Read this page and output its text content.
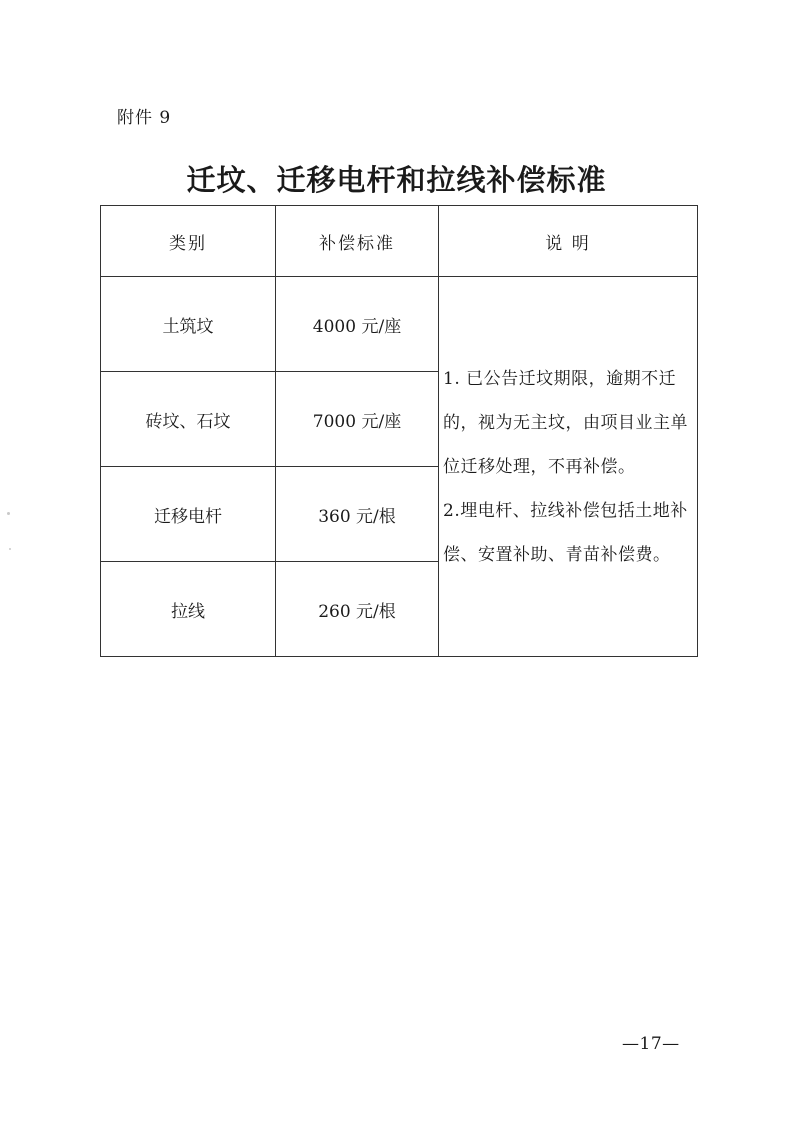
附件 9
迁坟、迁移电杆和拉线补偿标准
类别	补偿标准	说 明
土筑坟	4000 元/座	1. 已公告迁坟期限，逾期不迁
的，视为无主坟，由项目业主单
位迁移处理，不再补偿。
2.埋电杆、拉线补偿包括土地补
偿、安置补助、青苗补偿费。

砖坟、石坟	7000 元/座	
迁移电杆	360 元/根	
拉线	260 元/根	
—17—
